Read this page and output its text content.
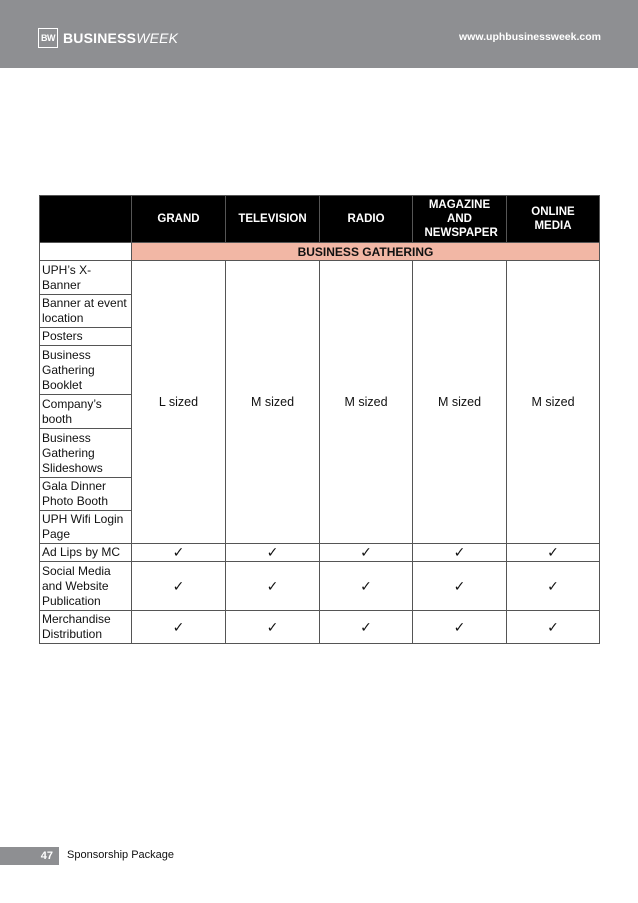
BW BUSINESSWEEK	www.uphbusinessweek.com
	GRAND	TELEVISION	RADIO	MAGAZINE AND NEWSPAPER	ONLINE MEDIA

	BUSINESS GATHERING				
UPH’s X-Banner	L sized	M sized	M sized	M sized	M sized
Banner at event location					
Posters					
Business Gathering Booklet					
Company’s booth					
Business Gathering Slideshows					
Gala Dinner Photo Booth					
UPH Wifi Login Page					
Ad Lips by MC	✓	✓	✓	✓	✓
Social Media and Website Publication	✓	✓	✓	✓	✓
Merchandise Distribution	✓	✓	✓	✓	✓
47	Sponsorship Package
